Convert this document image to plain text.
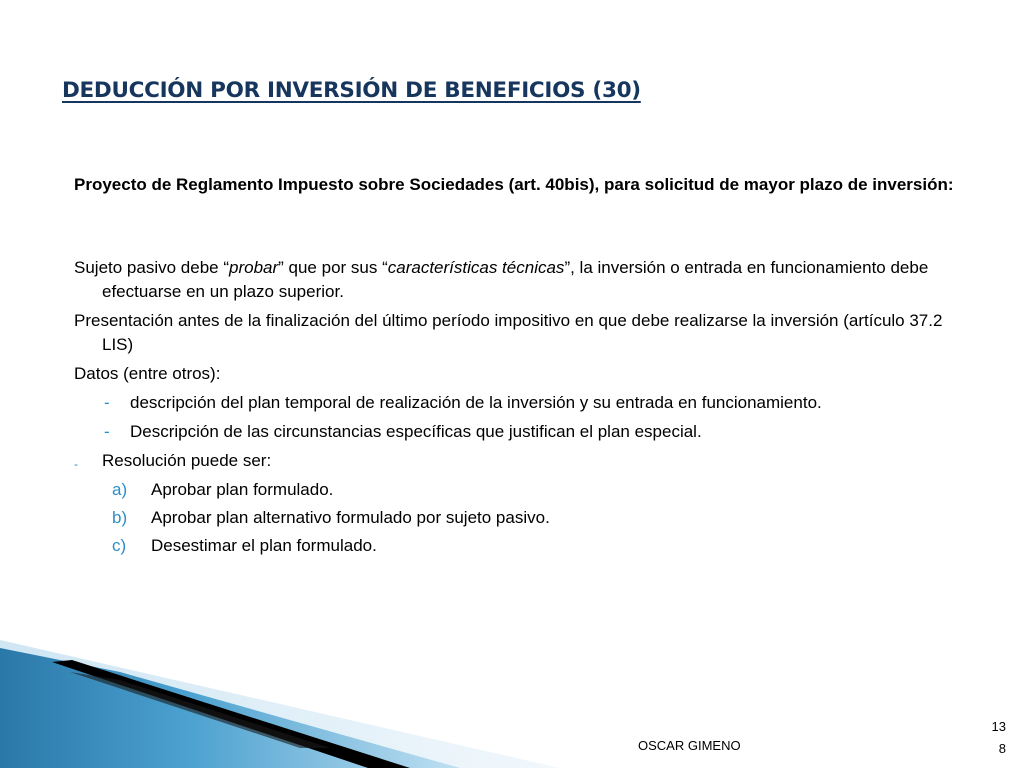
DEDUCCIÓN POR INVERSIÓN DE BENEFICIOS (30)
Proyecto de Reglamento Impuesto sobre Sociedades (art. 40bis), para solicitud de mayor plazo de inversión:
Sujeto pasivo debe “probar” que por sus “características técnicas”, la inversión o entrada en funcionamiento debe efectuarse en un plazo superior.
Presentación antes de la finalización del último período impositivo en que debe realizarse la inversión (artículo 37.2 LIS)
Datos (entre otros):
- descripción del plan temporal de realización de la inversión y su entrada en funcionamiento.
- Descripción de las circunstancias específicas que justifican el plan especial.
- Resolución puede ser:
a) Aprobar plan formulado.
b) Aprobar plan alternativo formulado por sujeto pasivo.
c) Desestimar el plan formulado.
OSCAR GIMENO
13
8
